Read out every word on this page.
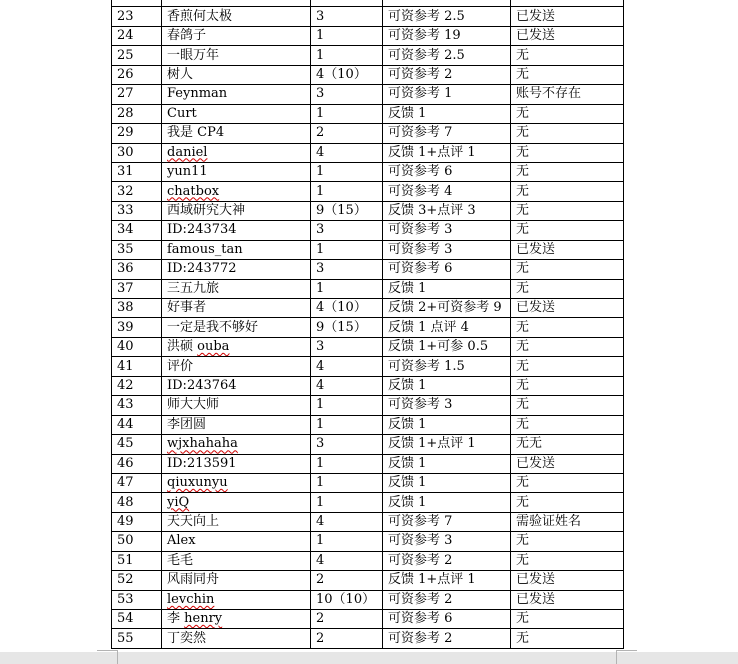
23	香煎何太极	3	可资参考 2.5	已发送
24	春鸽子	1	可资参考 19	已发送
25	一眼万年	1	可资参考 2.5	无
26	树人	4（10）	可资参考 2	无
27	Feynman	3	可资参考 1	账号不存在
28	Curt	1	反馈 1	无
29	我是 CP4	2	可资参考 7	无
30	daniel	4	反馈 1+点评 1	无
31	yun11	1	可资参考 6	无
32	chatbox	1	可资参考 4	无
33	西域研究大神	9（15）	反馈 3+点评 3	无
34	ID:243734	3	可资参考 3	无
35	famous_tan	1	可资参考 3	已发送
36	ID:243772	3	可资参考 6	无
37	三五九旅	1	反馈 1	无
38	好事者	4（10）	反馈 2+可资参考 9	已发送
39	一定是我不够好	9（15）	反馈 1 点评 4	无
40	洪硕 ouba	3	反馈 1+可参 0.5	无
41	评价	4	可资参考 1.5	无
42	ID:243764	4	反馈 1	无
43	师大大师	1	可资参考 3	无
44	李团圆	1	反馈 1	无
45	wjxhahaha	3	反馈 1+点评 1	无无
46	ID:213591	1	反馈 1	已发送
47	qiuxunyu	1	反馈 1	无
48	yiQ	1	反馈 1	无
49	天天向上	4	可资参考 7	需验证姓名
50	Alex	1	可资参考 3	无
51	毛毛	4	可资参考 2	无
52	风雨同舟	2	反馈 1+点评 1	已发送
53	levchin	10（10）	可资参考 2	已发送
54	李 henry	2	可资参考 6	无
55	丁奕然	2	可资参考 2	无
